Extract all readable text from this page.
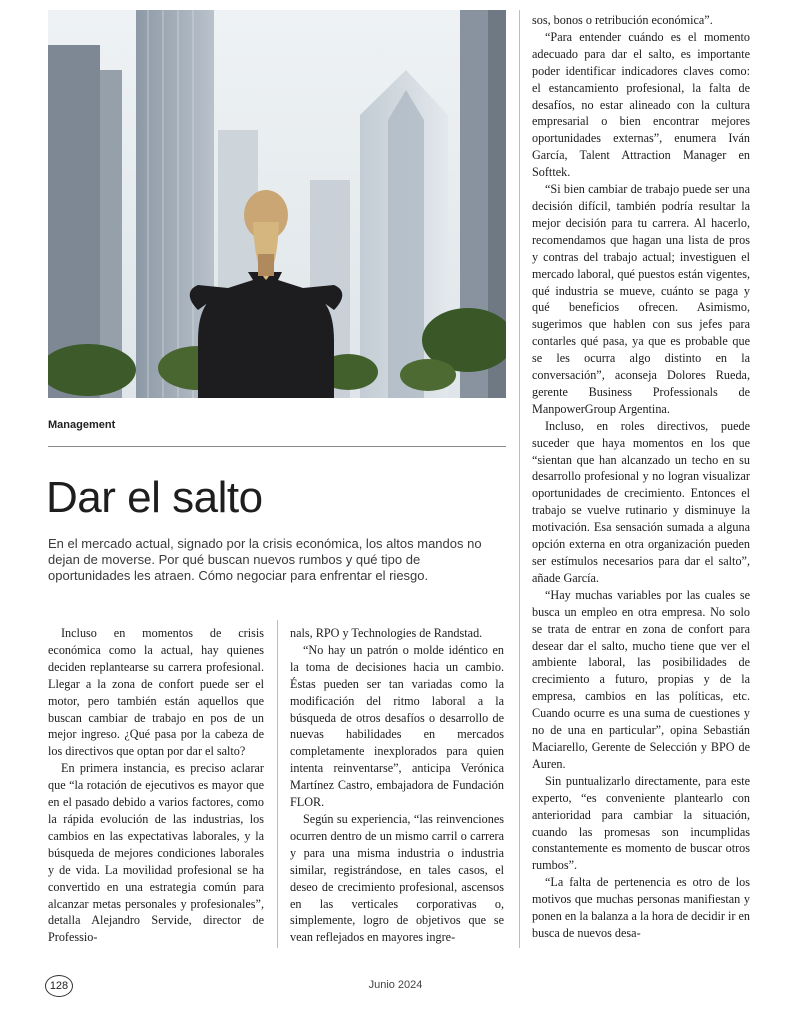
Management
Dar el salto

En el mercado actual, signado por la crisis económica, los altos mandos no dejan de moverse. Por qué buscan nuevos rumbos y qué tipo de oportunidades les atraen. Cómo negociar para enfrentar el riesgo.

Incluso en momentos de crisis económica como la actual, hay quienes deciden replantearse su carrera profesional. Llegar a la zona de confort puede ser el motor, pero también están aquellos que buscan cambiar de trabajo en pos de un mejor ingreso. ¿Qué pasa por la cabeza de los directivos que optan por dar el salto?

En primera instancia, es preciso aclarar que “la rotación de ejecutivos es mayor que en el pasado debido a varios factores, como la rápida evolución de las industrias, los cambios en las expectativas laborales, y la búsqueda de mejores condiciones laborales y de vida. La movilidad profesional se ha convertido en una estrategia común para alcanzar metas personales y profesionales”, detalla Alejandro Servide, director de Professio-

nals, RPO y Technologies de Randstad.

“No hay un patrón o molde idéntico en la toma de decisiones hacia un cambio. Éstas pueden ser tan variadas como la modificación del ritmo laboral a la búsqueda de otros desafíos o desarrollo de nuevas habilidades en mercados completamente inexplorados para quien intenta reinventarse”, anticipa Verónica Martínez Castro, embajadora de Fundación FLOR.

Según su experiencia, “las reinvenciones ocurren dentro de un mismo carril o carrera y para una misma industria o industria similar, registrándose, en tales casos, el deseo de crecimiento profesional, ascensos en las verticales corporativas o, simplemente, logro de objetivos que se vean reflejados en mayores ingre-

sos, bonos o retribución económica”.

“Para entender cuándo es el momento adecuado para dar el salto, es importante poder identificar indicadores claves como: el estancamiento profesional, la falta de desafíos, no estar alineado con la cultura empresarial o bien encontrar mejores oportunidades externas”, enumera Iván García, Talent Attraction Manager en Softtek.

“Si bien cambiar de trabajo puede ser una decisión difícil, también podría resultar la mejor decisión para tu carrera. Al hacerlo, recomendamos que hagan una lista de pros y contras del trabajo actual; investiguen el mercado laboral, qué puestos están vigentes, qué industria se mueve, cuánto se paga y qué beneficios ofrecen. Asimismo, sugerimos que hablen con sus jefes para contarles qué pasa, ya que es probable que se les ocurra algo distinto en la conversación”, aconseja Dolores Rueda, gerente Business Professionals de ManpowerGroup Argentina.

Incluso, en roles directivos, puede suceder que haya momentos en los que “sientan que han alcanzado un techo en su desarrollo profesional y no logran visualizar oportunidades de crecimiento. Entonces el trabajo se vuelve rutinario y disminuye la motivación. Esa sensación sumada a alguna opción externa en otra organización pueden ser estímulos necesarios para dar el salto”, añade García.

“Hay muchas variables por las cuales se busca un empleo en otra empresa. No solo se trata de entrar en zona de confort para desear dar el salto, mucho tiene que ver el ambiente laboral, las posibilidades de crecimiento a futuro, propias y de la empresa, cambios en las políticas, etc. Cuando ocurre es una suma de cuestiones y no de una en particular”, opina Sebastián Maciarello, Gerente de Selección y BPO de Auren.

Sin puntualizarlo directamente, para este experto, “es conveniente plantearlo con anterioridad para cambiar la situación, cuando las promesas son incumplidas constantemente es momento de buscar otros rumbos”.

“La falta de pertenencia es otro de los motivos que muchas personas manifiestan y ponen en la balanza a la hora de decidir ir en busca de nuevos desa-

128	Junio 2024
